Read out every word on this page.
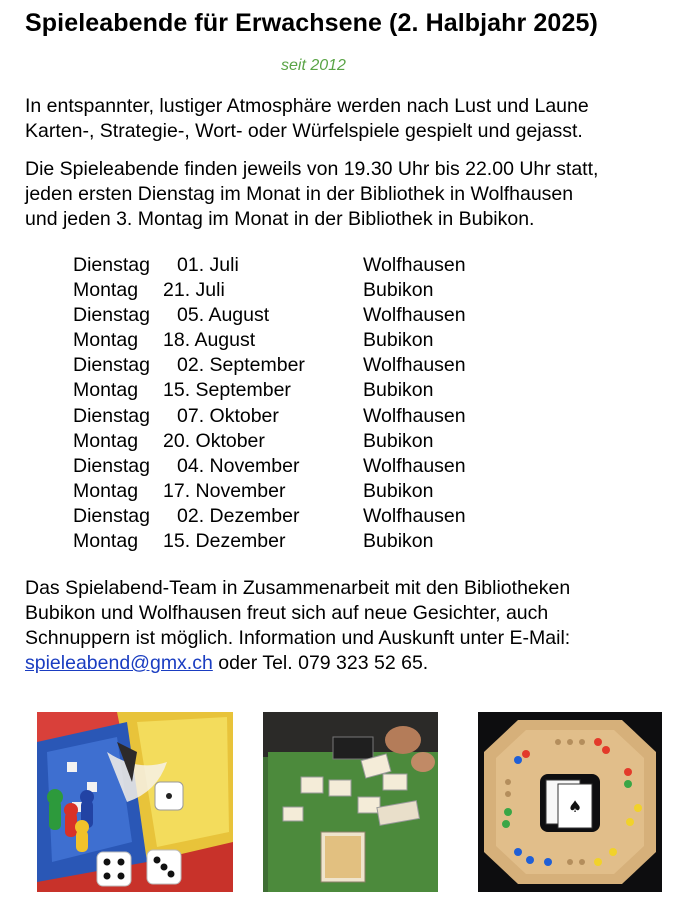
Spieleabende für Erwachsene (2. Halbjahr 2025)
seit 2012
In entspannter, lustiger Atmosphäre werden nach Lust und Laune
Karten-, Strategie-, Wort- oder Würfelspiele gespielt und gejasst.
Die Spieleabende finden jeweils von 19.30 Uhr bis 22.00 Uhr statt,
jeden ersten Dienstag im Monat in der Bibliothek in Wolfhausen
und jeden 3. Montag im Monat in der Bibliothek in Bubikon.
Dienstag 01. Juli	Wolfhausen
Montag 21. Juli	Bubikon
Dienstag 05. August	Wolfhausen
Montag 18. August	Bubikon
Dienstag 02. September	Wolfhausen
Montag 15. September	Bubikon
Dienstag 07. Oktober	Wolfhausen
Montag 20. Oktober	Bubikon
Dienstag 04. November	Wolfhausen
Montag 17. November	Bubikon
Dienstag 02. Dezember	Wolfhausen
Montag 15. Dezember	Bubikon
Das Spielabend-Team in Zusammenarbeit mit den Bibliotheken
Bubikon und Wolfhausen freut sich auf neue Gesichter, auch
Schnuppern ist möglich. Information und Auskunft unter E-Mail:
spieleabend@gmx.ch oder Tel. 079 323 52 65.
♠
